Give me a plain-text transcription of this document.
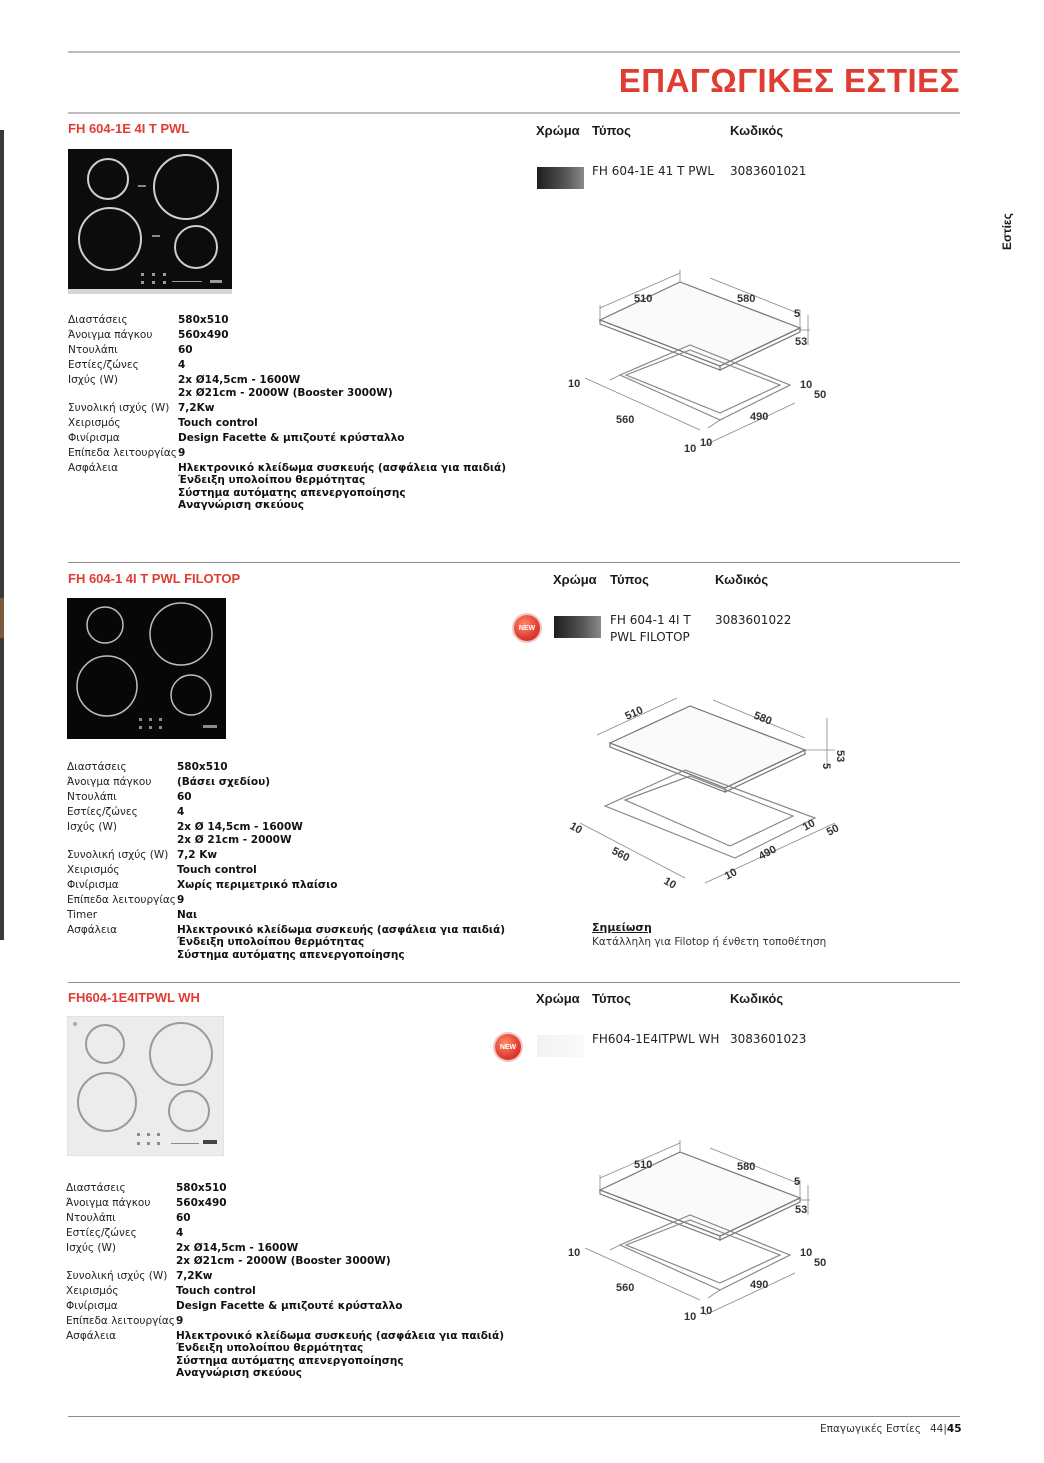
ΕΠΑΓΩΓΙΚΕΣ ΕΣΤΙΕΣ
Εστίες
FH 604-1E 4I T PWL
Διαστάσεις	580x510
Άνοιγμα πάγκου 560x490
Ντουλάπι	60
Εστίες/ζώνες	4
Ισχύς (W)	2x Ø14,5cm - 1600W
2x Ø21cm - 2000W (Booster 3000W)
Συνολική ισχύς (W) 7,2Kw
Χειρισμός	Touch control
Φινίρισμα	Design Facette & μπιζουτέ κρύσταλλο
Επίπεδα λειτουργίας 9
Ασφάλεια	Ηλεκτρονικό κλείδωμα συσκευής (ασφάλεια για παιδιά)
Ένδειξη υπολοίπου θερμότητας
Σύστημα αυτόματης απενεργοποίησης
Αναγνώριση σκεύους
Χρώμα Τύπος	Κωδικός
FH 604-1E 41 T PWL 3083601021
510	580
5
53
10	10
50
560	490
10 10
FH 604-1 4I T PWL FILOTOP
Διαστάσεις	580x510
Άνοιγμα πάγκου (Βάσει σχεδίου)
Ντουλάπι	60
Εστίες/ζώνες	4
Ισχύς (W)	2x Ø 14,5cm - 1600W
2x Ø 21cm - 2000W
Συνολική ισχύς (W) 7,2 Kw
Χειρισμός	Touch control
Φινίρισμα	Χωρίς περιμετρικό πλαίσιο
Επίπεδα λειτουργίας 9
Timer	Ναι
Ασφάλεια	Ηλεκτρονικό κλείδωμα συσκευής (ασφάλεια για παιδιά)
Ένδειξη υπολοίπου θερμότητας
Σύστημα αυτόματης απενεργοποίησης
Χρώμα Τύπος	Κωδικός
NEW
FH 604-1 4I T
PWL FILOTOP
3083601022
510	580
5
53
10	10 50
560	490
10
10
Σημείωση
Κατάλληλη για Filotop ή ένθετη τοποθέτηση
FH604-1E4ITPWL WH
Διαστάσεις	580x510
Άνοιγμα πάγκου 560x490
Ντουλάπι	60
Εστίες/ζώνες	4
Ισχύς (W)	2x Ø14,5cm - 1600W
2x Ø21cm - 2000W (Booster 3000W)
Συνολική ισχύς (W) 7,2Kw
Χειρισμός	Touch control
Φινίρισμα	Design Facette & μπιζουτέ κρύσταλλο
Επίπεδα λειτουργίας 9
Ασφάλεια	Ηλεκτρονικό κλείδωμα συσκευής (ασφάλεια για παιδιά)
Ένδειξη υπολοίπου θερμότητας
Σύστημα αυτόματης απενεργοποίησης
Αναγνώριση σκεύους
Χρώμα Τύπος	Κωδικός
NEW
FH604-1E4ITPWL WH 3083601023
510	580
5
53
10	10
50
560	490
10 10
Επαγωγικές Εστίες 44|45
